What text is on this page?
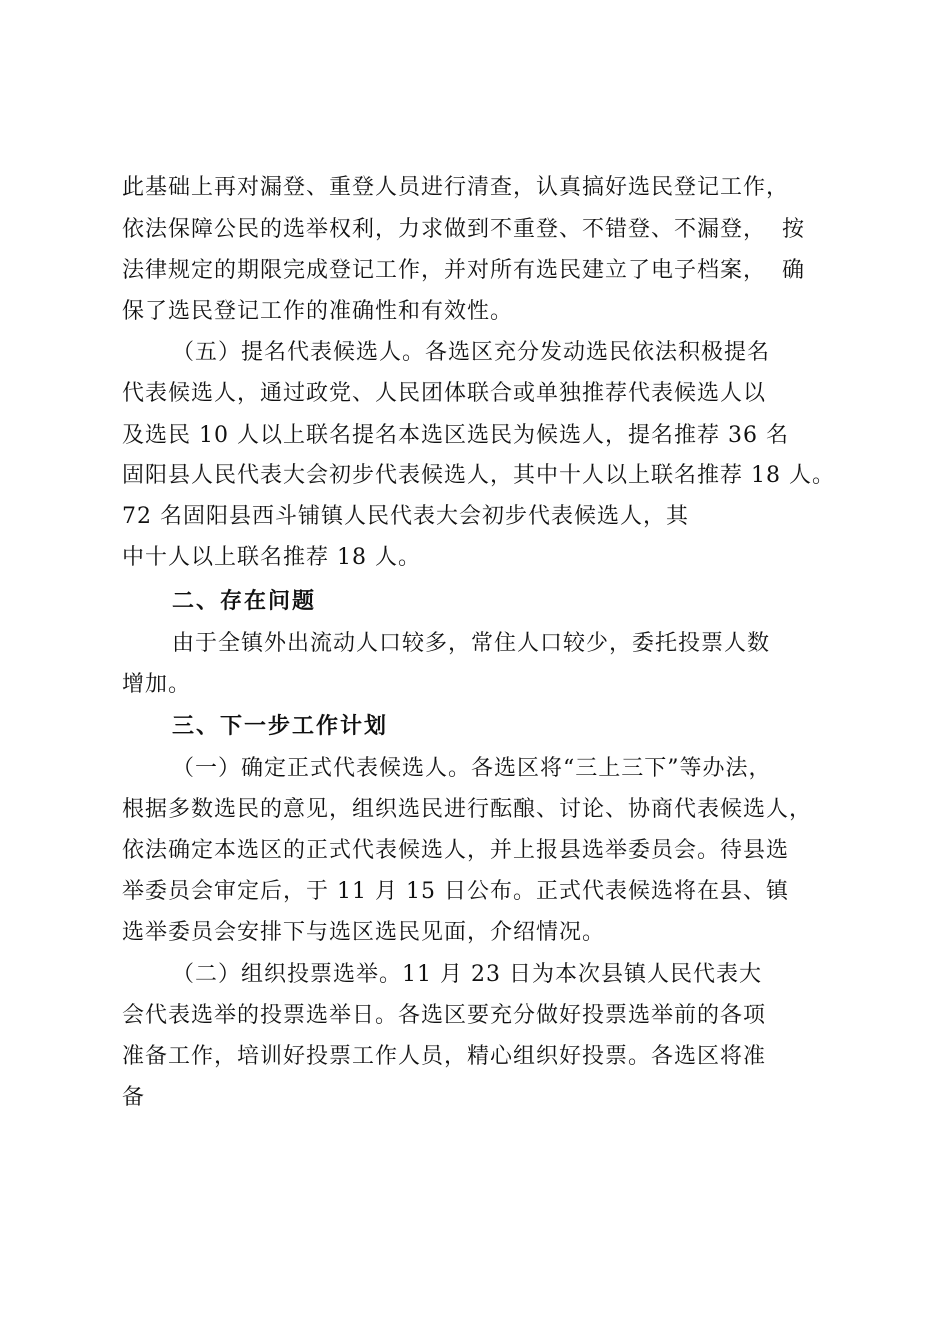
此基础上再对漏登、重登人员进行清查，认真搞好选民登记工作，
依法保障公民的选举权利，力求做到不重登、不错登、不漏登，  按
法律规定的期限完成登记工作，并对所有选民建立了电子档案，  确
保了选民登记工作的准确性和有效性。
（五）提名代表候选人。各选区充分发动选民依法积极提名
代表候选人，通过政党、人民团体联合或单独推荐代表候选人以
及选民 10 人以上联名提名本选区选民为候选人，提名推荐 36 名
固阳县人民代表大会初步代表候选人，其中十人以上联名推荐 18 人。
72 名固阳县西斗铺镇人民代表大会初步代表候选人，其
中十人以上联名推荐 18 人。
二、存在问题
由于全镇外出流动人口较多，常住人口较少，委托投票人数
增加。
三、下一步工作计划
（一）确定正式代表候选人。各选区将“三上三下”等办法，
根据多数选民的意见，组织选民进行酝酿、讨论、协商代表候选人，
依法确定本选区的正式代表候选人，并上报县选举委员会。待县选
举委员会审定后，于 11 月 15 日公布。正式代表候选将在县、镇
选举委员会安排下与选区选民见面，介绍情况。
（二）组织投票选举。11 月 23 日为本次县镇人民代表大
会代表选举的投票选举日。各选区要充分做好投票选举前的各项
准备工作，培训好投票工作人员，精心组织好投票。各选区将准
备
